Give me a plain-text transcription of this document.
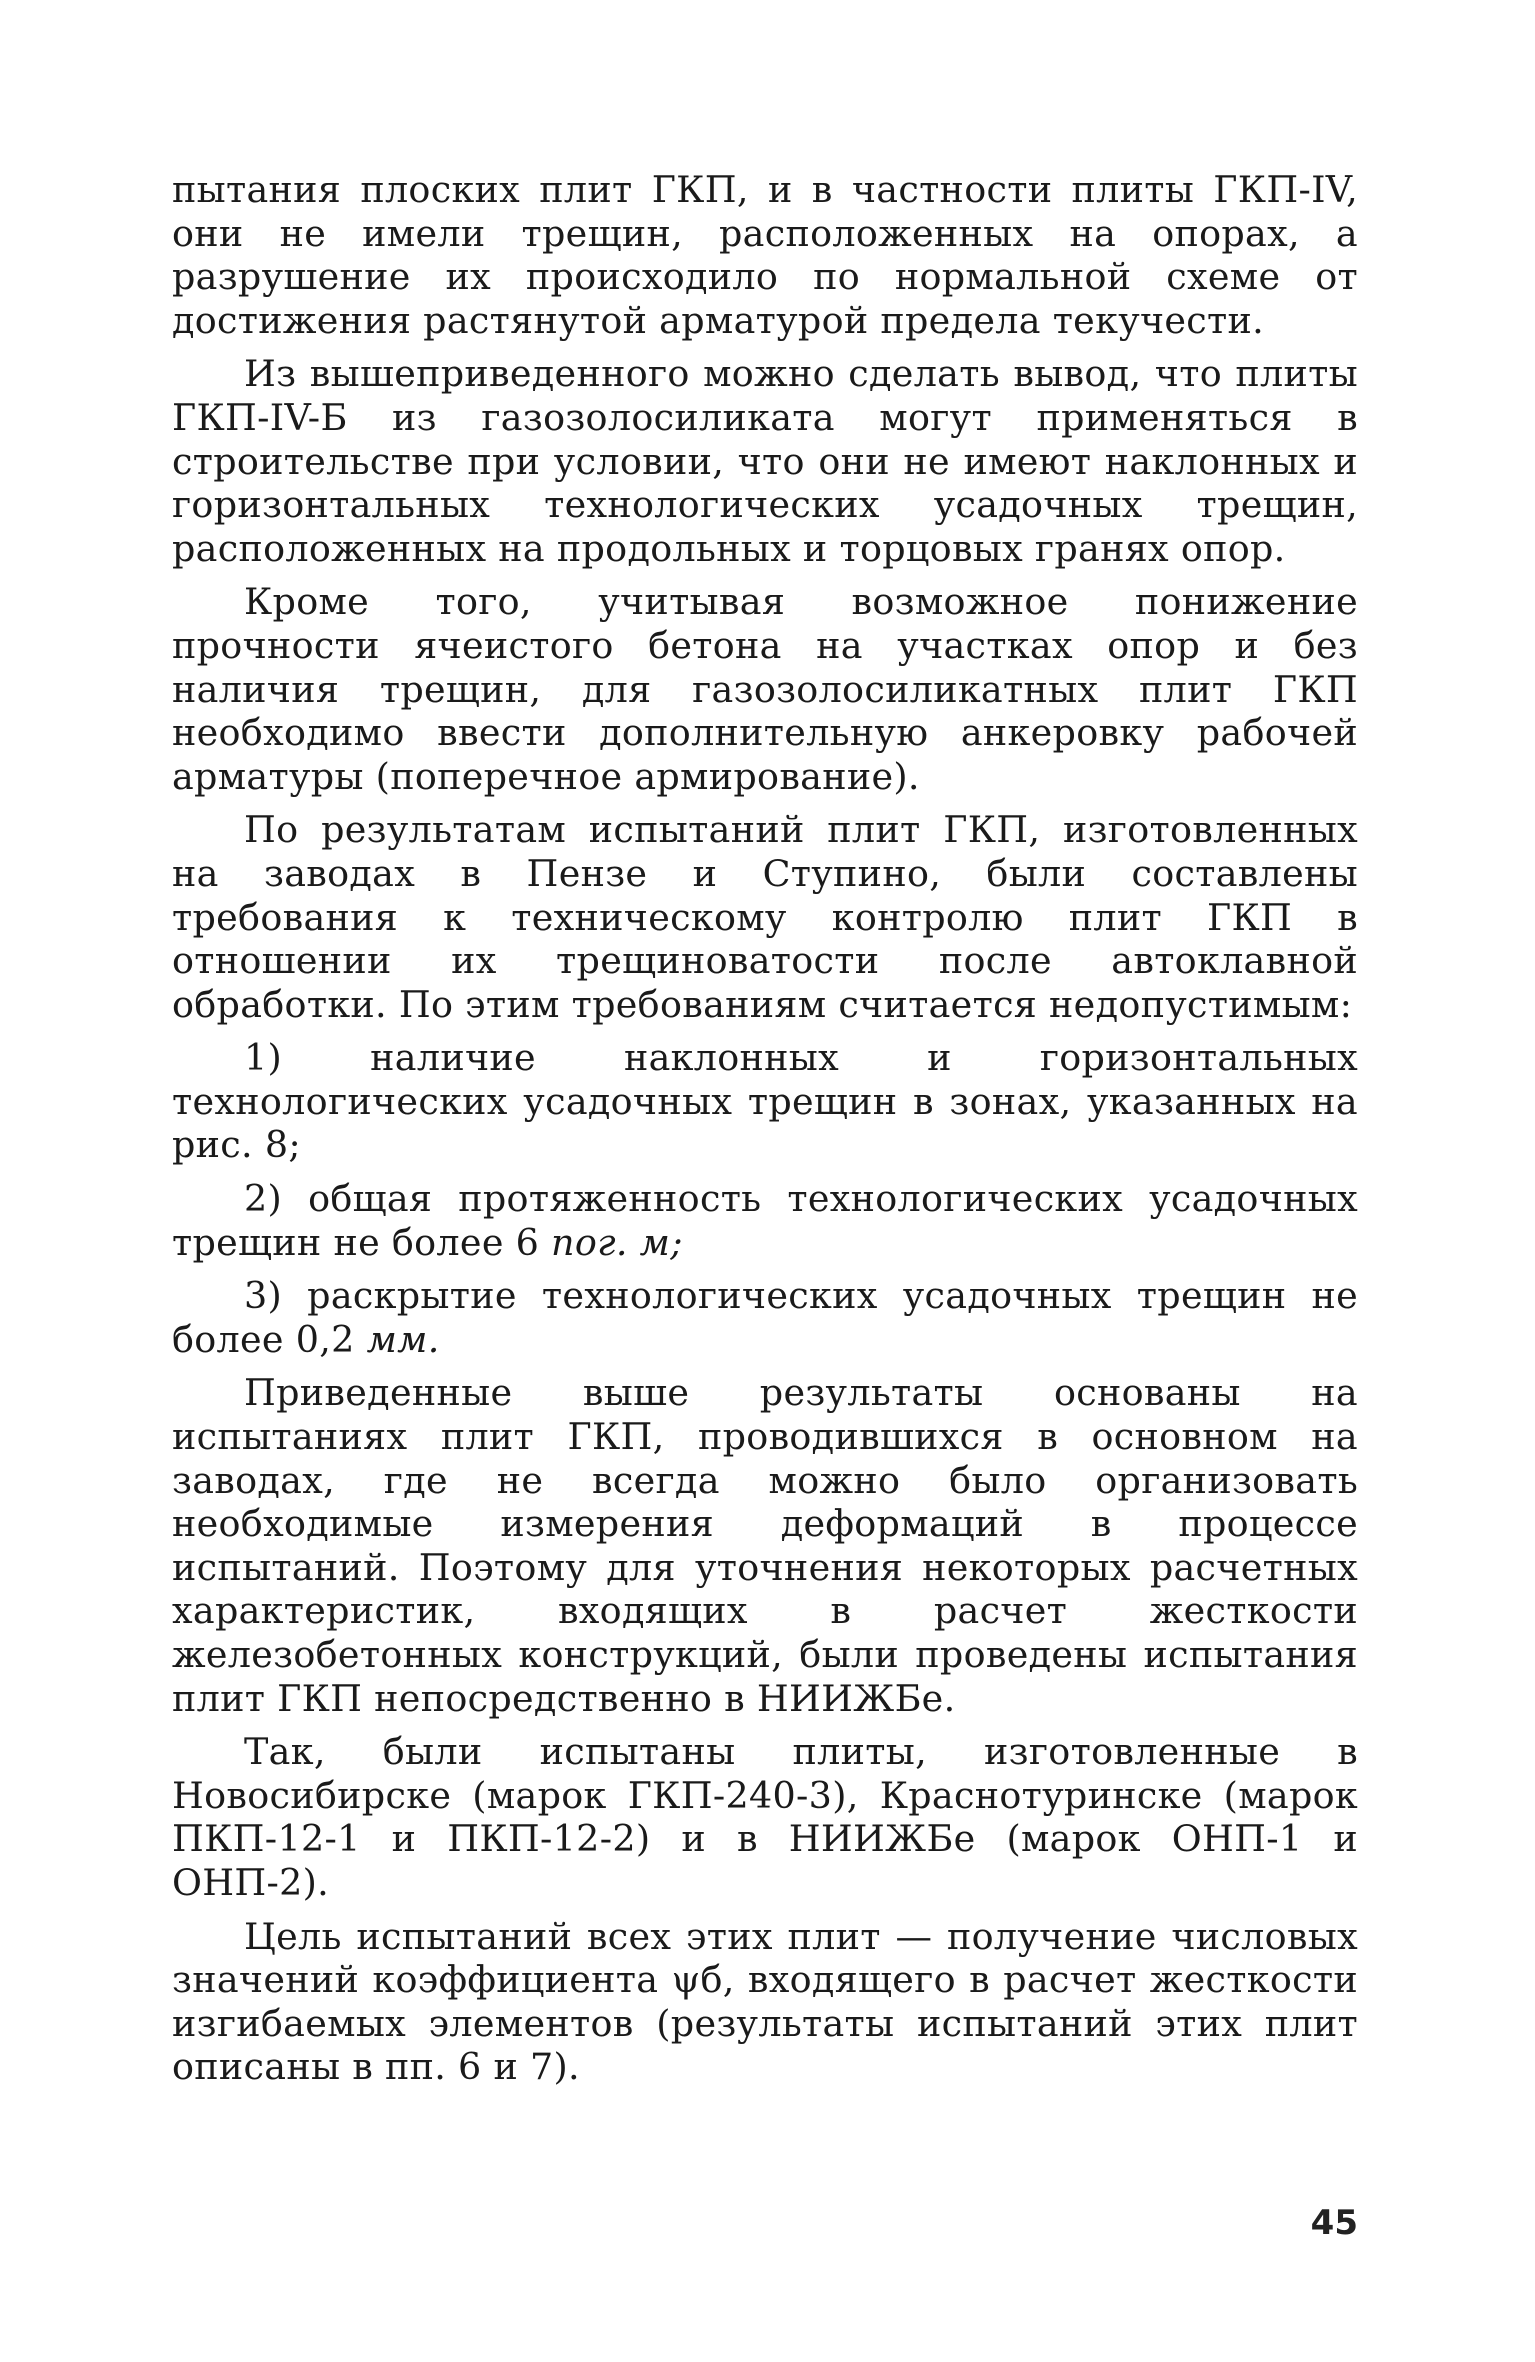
пытания плоских плит ГКП, и в частности плиты ГКП-IV, они не имели трещин, расположенных на опорах, а разрушение их происходило по нормальной схеме от достижения растянутой арматурой предела текучести.

Из вышеприведенного можно сделать вывод, что плиты ГКП-IV-Б из газозолосиликата могут применяться в строительстве при условии, что они не имеют наклонных и горизонтальных технологических усадочных трещин, расположенных на продольных и торцовых гранях опор.

Кроме того, учитывая возможное понижение прочности ячеистого бетона на участках опор и без наличия трещин, для газозолосиликатных плит ГКП необходимо ввести дополнительную анкеровку рабочей арматуры (поперечное армирование).

По результатам испытаний плит ГКП, изготовленных на заводах в Пензе и Ступино, были составлены требования к техническому контролю плит ГКП в отношении их трещиноватости после автоклавной обработки. По этим требованиям считается недопустимым:

1) наличие наклонных и горизонтальных технологических усадочных трещин в зонах, указанных на рис. 8;

2) общая протяженность технологических усадочных трещин не более 6 пог. м;

3) раскрытие технологических усадочных трещин не более 0,2 мм.

Приведенные выше результаты основаны на испытаниях плит ГКП, проводившихся в основном на заводах, где не всегда можно было организовать необходимые измерения деформаций в процессе испытаний. Поэтому для уточнения некоторых расчетных характеристик, входящих в расчет жесткости железобетонных конструкций, были проведены испытания плит ГКП непосредственно в НИИЖБе.

Так, были испытаны плиты, изготовленные в Новосибирске (марок ГКП-240-3), Краснотуринске (марок ПКП-12-1 и ПКП-12-2) и в НИИЖБе (марок ОНП-1 и ОНП-2).

Цель испытаний всех этих плит — получение числовых значений коэффициента ψб, входящего в расчет жесткости изгибаемых элементов (результаты испытаний этих плит описаны в пп. 6 и 7).

45
